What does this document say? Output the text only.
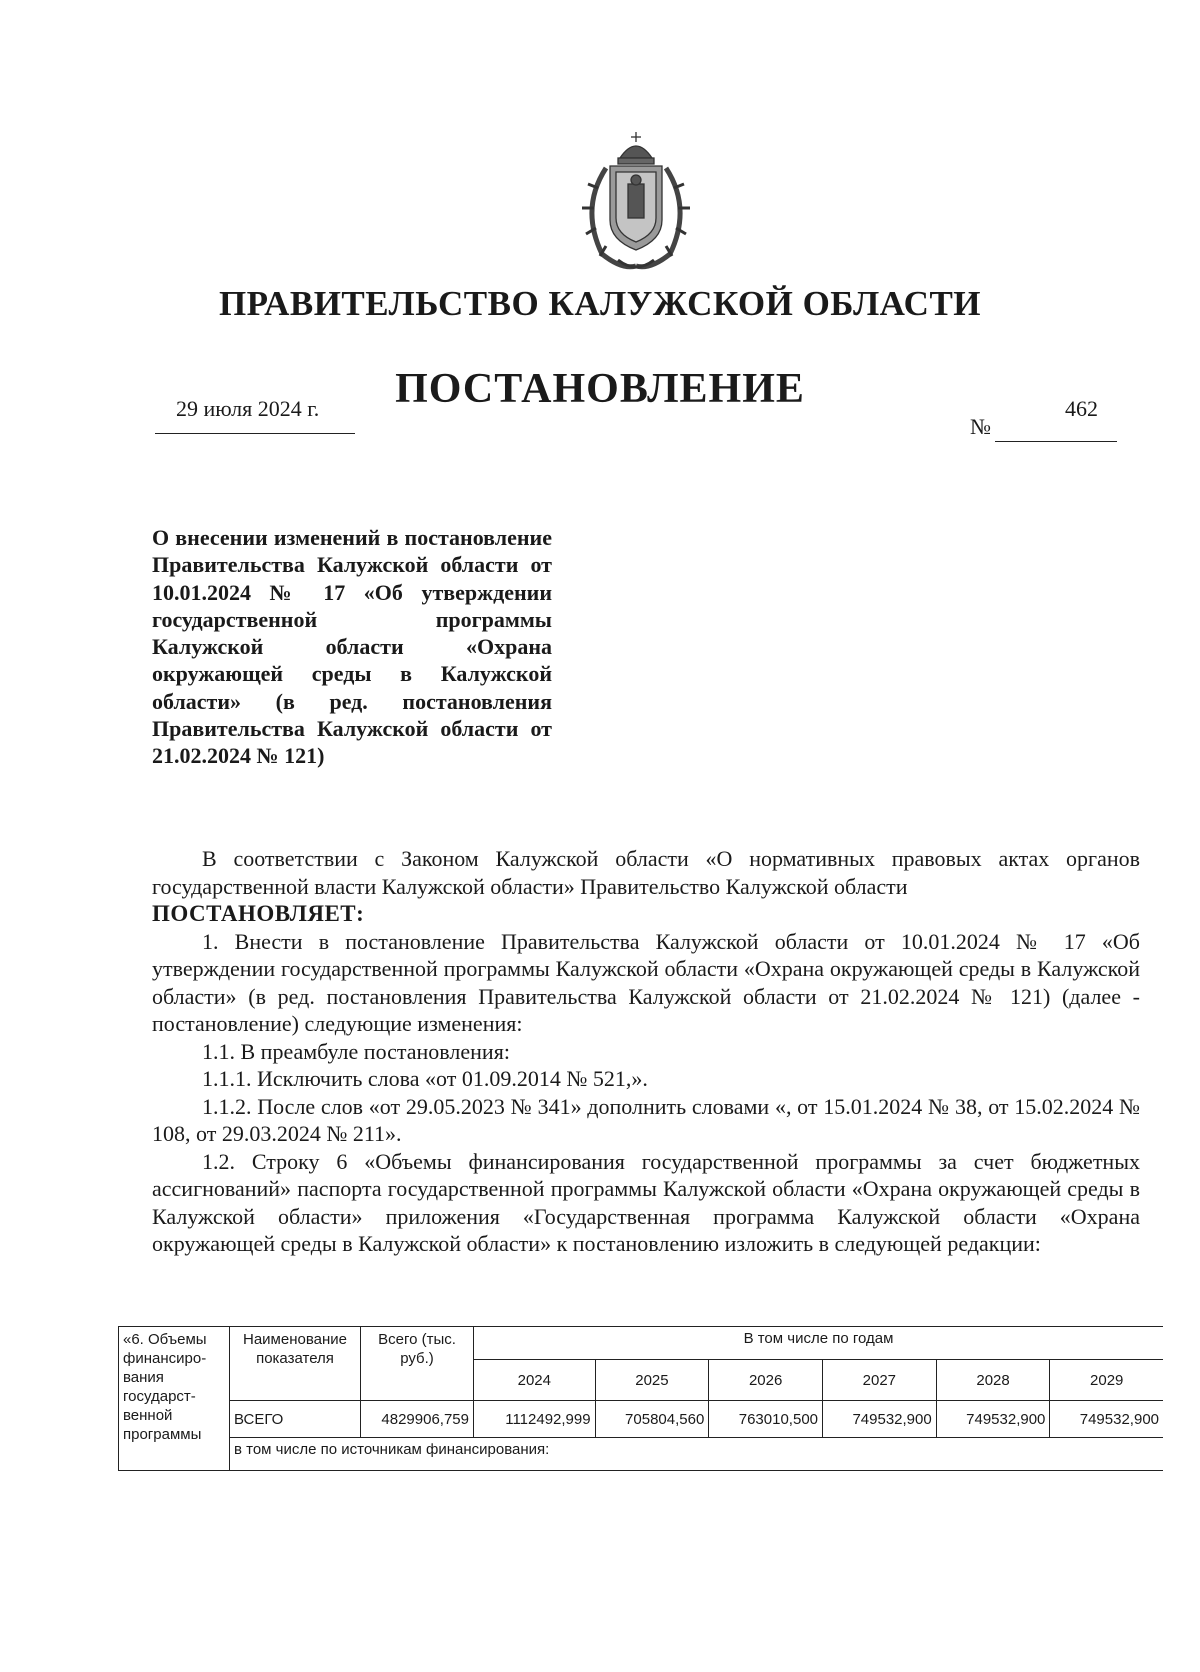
ПРАВИТЕЛЬСТВО КАЛУЖСКОЙ ОБЛАСТИ
ПОСТАНОВЛЕНИЕ
29 июля 2024 г.
№
462
О внесении изменений в постановление Правительства Калужской области от 10.01.2024 № 17 «Об утверждении государственной программы Калужской области «Охрана окружающей среды в Калужской области» (в ред. постановления Правительства Калужской области от 21.02.2024 № 121)

В соответствии с Законом Калужской области «О нормативных правовых актах органов государственной власти Калужской области» Правительство Калужской области

ПОСТАНОВЛЯЕТ:

1. Внести в постановление Правительства Калужской области от 10.01.2024 № 17 «Об утверждении государственной программы Калужской области «Охрана окружающей среды в Калужской области» (в ред. постановления Правительства Калужской области от 21.02.2024 № 121) (далее - постановление) следующие изменения:

1.1. В преамбуле постановления:

1.1.1. Исключить слова «от 01.09.2014 № 521,».

1.1.2. После слов «от 29.05.2023 № 341» дополнить словами «, от 15.01.2024 № 38, от 15.02.2024 № 108, от 29.03.2024 № 211».

1.2. Строку 6 «Объемы финансирования государственной программы за счет бюджетных ассигнований» паспорта государственной программы Калужской области «Охрана окружающей среды в Калужской области» приложения «Государственная программа Калужской области «Охрана окружающей среды в Калужской области» к постановлению изложить в следующей редакции:

«6. Объемы финансиро-вания государст-венной программы	Наименование показателя	Всего (тыс. руб.)	В том числе по годам					
			2024	2025	2026	2027	2028	2029
	ВСЕГО	4829906,759	1112492,999	705804,560	763010,500	749532,900	749532,900	749532,900
	в том числе по источникам финансирования:							
